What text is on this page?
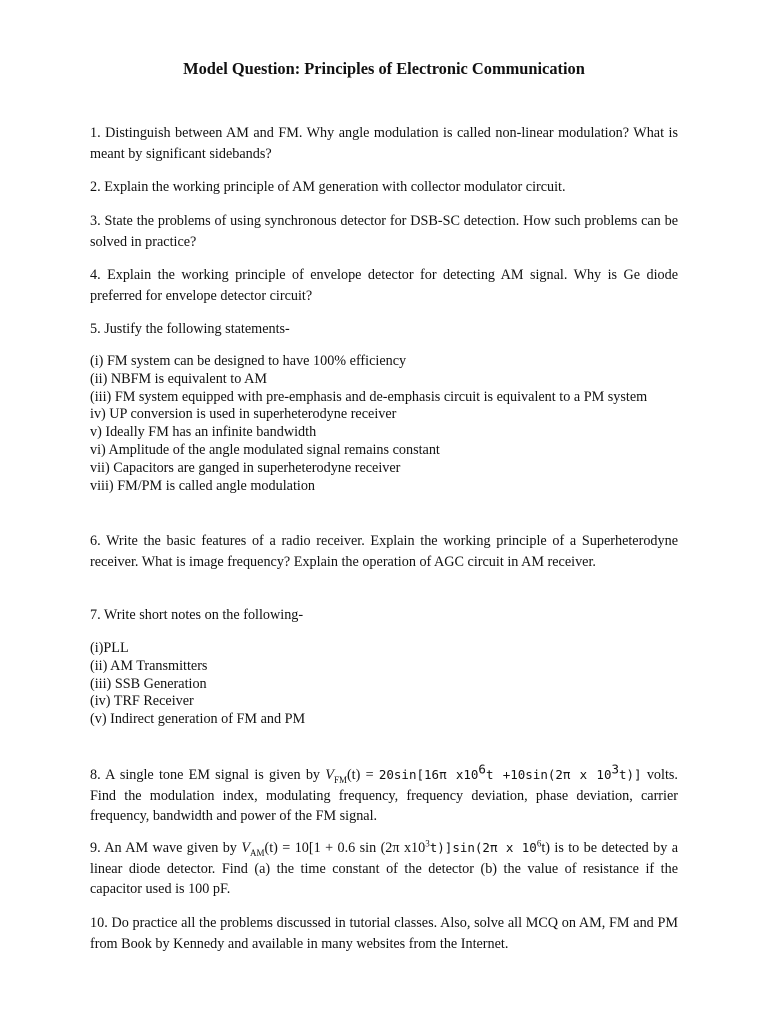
Model Question: Principles of Electronic Communication

1. Distinguish between AM and FM. Why angle modulation is called non-linear modulation? What is meant by significant sidebands?

2. Explain the working principle of AM generation with collector modulator circuit.

3. State the problems of using synchronous detector for DSB-SC detection. How such problems can be solved in practice?

4. Explain the working principle of envelope detector for detecting AM signal. Why is Ge diode preferred for envelope detector circuit?

5. Justify the following statements-

(i) FM system can be designed to have 100% efficiency
(ii) NBFM is equivalent to AM
(iii) FM system equipped with pre-emphasis and de-emphasis circuit is equivalent to a PM system
iv) UP conversion is used in superheterodyne receiver
v) Ideally FM has an infinite bandwidth
vi) Amplitude of the angle modulated signal remains constant
vii) Capacitors are ganged in superheterodyne receiver
viii) FM/PM is called angle modulation

6. Write the basic features of a radio receiver. Explain the working principle of a Superheterodyne receiver. What is image frequency? Explain the operation of AGC circuit in AM receiver.

7. Write short notes on the following-

(i)PLL
(ii) AM Transmitters
(iii) SSB Generation
(iv) TRF Receiver
(v) Indirect generation of FM and PM

8. A single tone EM signal is given by $V_{FM}(t) = 20\sin[16\pi$ $x10^6t +10\sin(2\pi$ x $10^3t$)] volts. Find the modulation index, modulating frequency, frequency deviation, phase deviation, carrier frequency, bandwidth and power of the FM signal.

9. An AM wave given by $V_{AM}(t) = 10[1 + 0.6$ sin (2π $x10^3t)]\sin(2\pi$ x $10^6t$) is to be detected by a linear diode detector. Find (a) the time constant of the detector (b) the value of resistance if the capacitor used is 100 pF.

10. Do practice all the problems discussed in tutorial classes. Also, solve all MCQ on AM, FM and PM from Book by Kennedy and available in many websites from the Internet.
